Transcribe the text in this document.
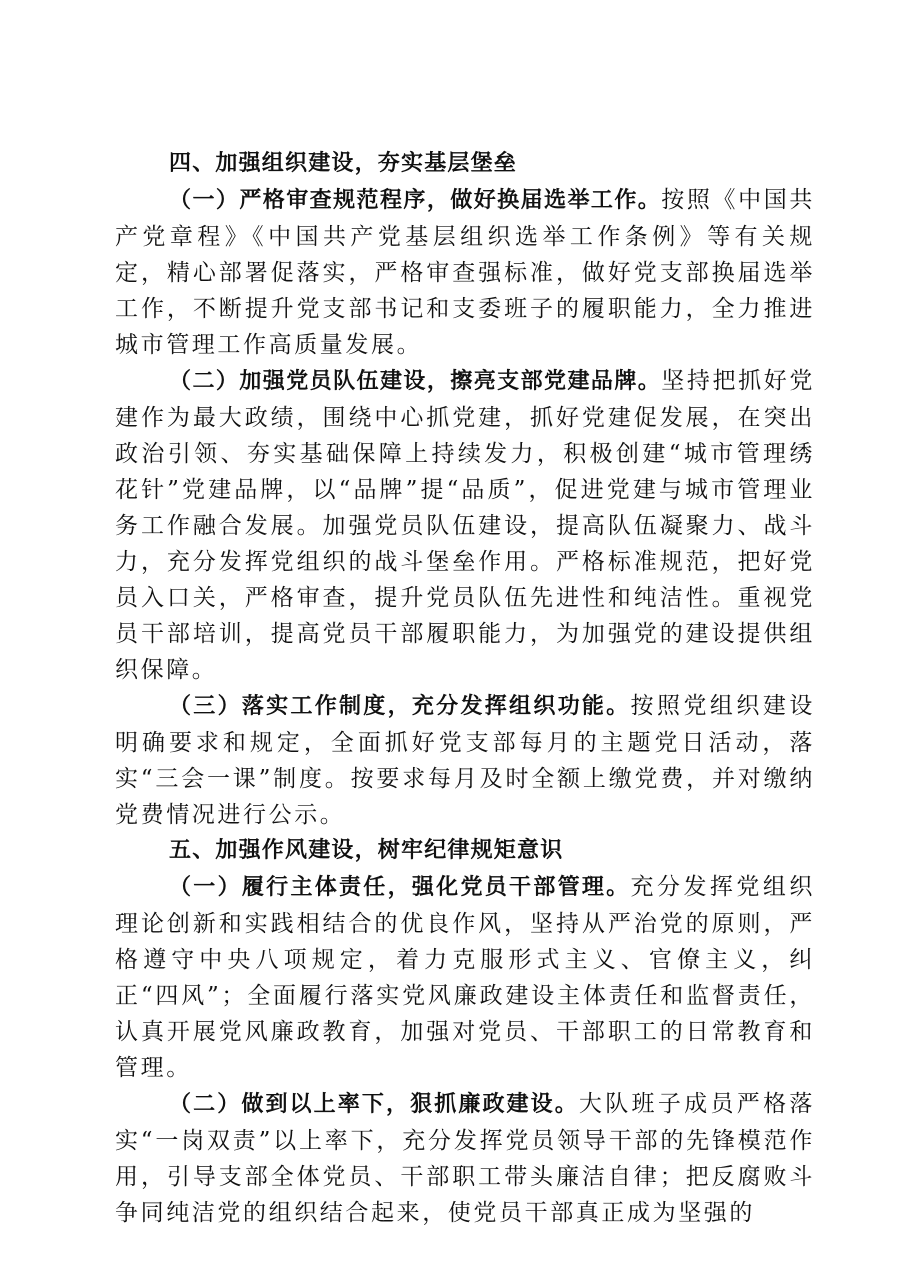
四、加强组织建设，夯实基层堡垒

（一）严格审查规范程序，做好换届选举工作。按照《中国共产党章程》《中国共产党基层组织选举工作条例》等有关规定，精心部署促落实，严格审查强标准，做好党支部换届选举工作，不断提升党支部书记和支委班子的履职能力，全力推进城市管理工作高质量发展。

（二）加强党员队伍建设，擦亮支部党建品牌。坚持把抓好党建作为最大政绩，围绕中心抓党建，抓好党建促发展，在突出政治引领、夯实基础保障上持续发力，积极创建“城市管理绣花针”党建品牌，以“品牌”提“品质”，促进党建与城市管理业务工作融合发展。加强党员队伍建设，提高队伍凝聚力、战斗力，充分发挥党组织的战斗堡垒作用。严格标准规范，把好党员入口关，严格审查，提升党员队伍先进性和纯洁性。重视党员干部培训，提高党员干部履职能力，为加强党的建设提供组织保障。

（三）落实工作制度，充分发挥组织功能。按照党组织建设明确要求和规定，全面抓好党支部每月的主题党日活动，落实“三会一课”制度。按要求每月及时全额上缴党费，并对缴纳党费情况进行公示。

五、加强作风建设，树牢纪律规矩意识

（一）履行主体责任，强化党员干部管理。充分发挥党组织理论创新和实践相结合的优良作风，坚持从严治党的原则，严格遵守中央八项规定，着力克服形式主义、官僚主义，纠正“四风”；全面履行落实党风廉政建设主体责任和监督责任，认真开展党风廉政教育，加强对党员、干部职工的日常教育和管理。

（二）做到以上率下，狠抓廉政建设。大队班子成员严格落实“一岗双责”以上率下，充分发挥党员领导干部的先锋模范作用，引导支部全体党员、干部职工带头廉洁自律；把反腐败斗争同纯洁党的组织结合起来，使党员干部真正成为坚强的
